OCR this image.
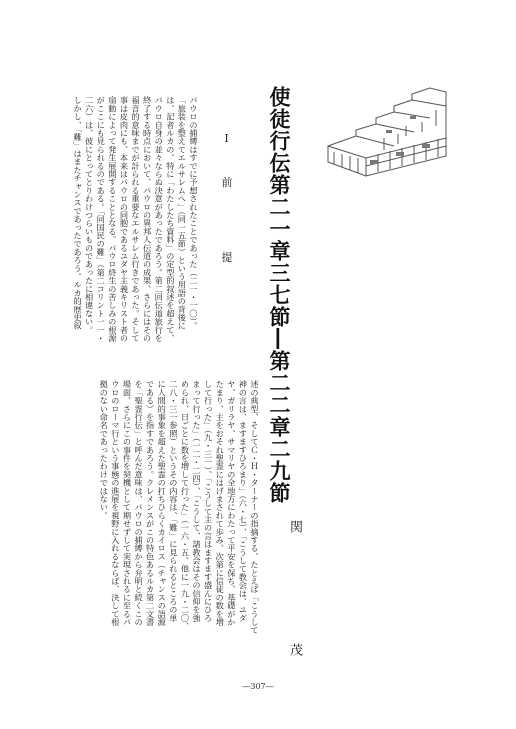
使徒行伝第二一章三七節―第二二章二九節
関　　茂
Ⅰ 前　　提
パウロの捕縛はすでに予想されたことであった（二一・一〇）。
「旅装を整えてエルサレムへ」（同一五節）という用語の背後に
は、記者ルカの、特に「わたしたち資料」の定型的叙述を超えて、
パウロ自身の並々ならぬ決意があったであろう。第二回伝道旅行を
終了する時点において、パウロの異邦人伝道の成果、さらにはその
福音的意味までが計られる重要なエルサレム行きであった。そして
事は皮肉にも、本来はパウロの同胞であるユダヤ主義キリスト者の
扇動によって発生展開することとなる。パウロ終生の苦しみの根源
がここにも見られるのである。「同国民の難」（第二コリント一一・
二六）は、彼にとってとりわけつらいものであったに相違ない。
しかし、「難」はまたチャンスであったであろう。ルカ的歴史叙
述の典型、そしてＣ・Ｈ・ターナーの指摘する、たとえば「こうして
神の言は、ますますひろまり」（六・七）、「こうして教会は、ユダ
ヤ、ガリラヤ、サマリヤの全地方にわたって平安を保ち、基礎がか
たまり、主をおそれ聖霊にはげまされて歩み、次第に信徒の数を増
して行った」（九・三一）、「こうして主の言はますます盛んにひろ
まって行った」（一二・二四）、「こうして、諸教会はその信仰を強
められ、日ごとに数を増して行った」（一六・五。他に一九・二〇、
二八・三一参照）というその内容は、「難」に見られるところの単
に人間的事象を超えた聖霊の打ちひらくカイロス（チャンスの語源
である）を指すであろう。クレメンスがこの特色あるルカ第二文書
を「聖霊行伝」と呼んだ意味は、パウロの捕縛から弁明と続くこの
場面、さらにこの事件を契機として期せずして実現されるに至るパ
ウロのローマ行という事態の進展を視野に入れるならば、決して根
拠のない命名であったわけではない。
―307―
